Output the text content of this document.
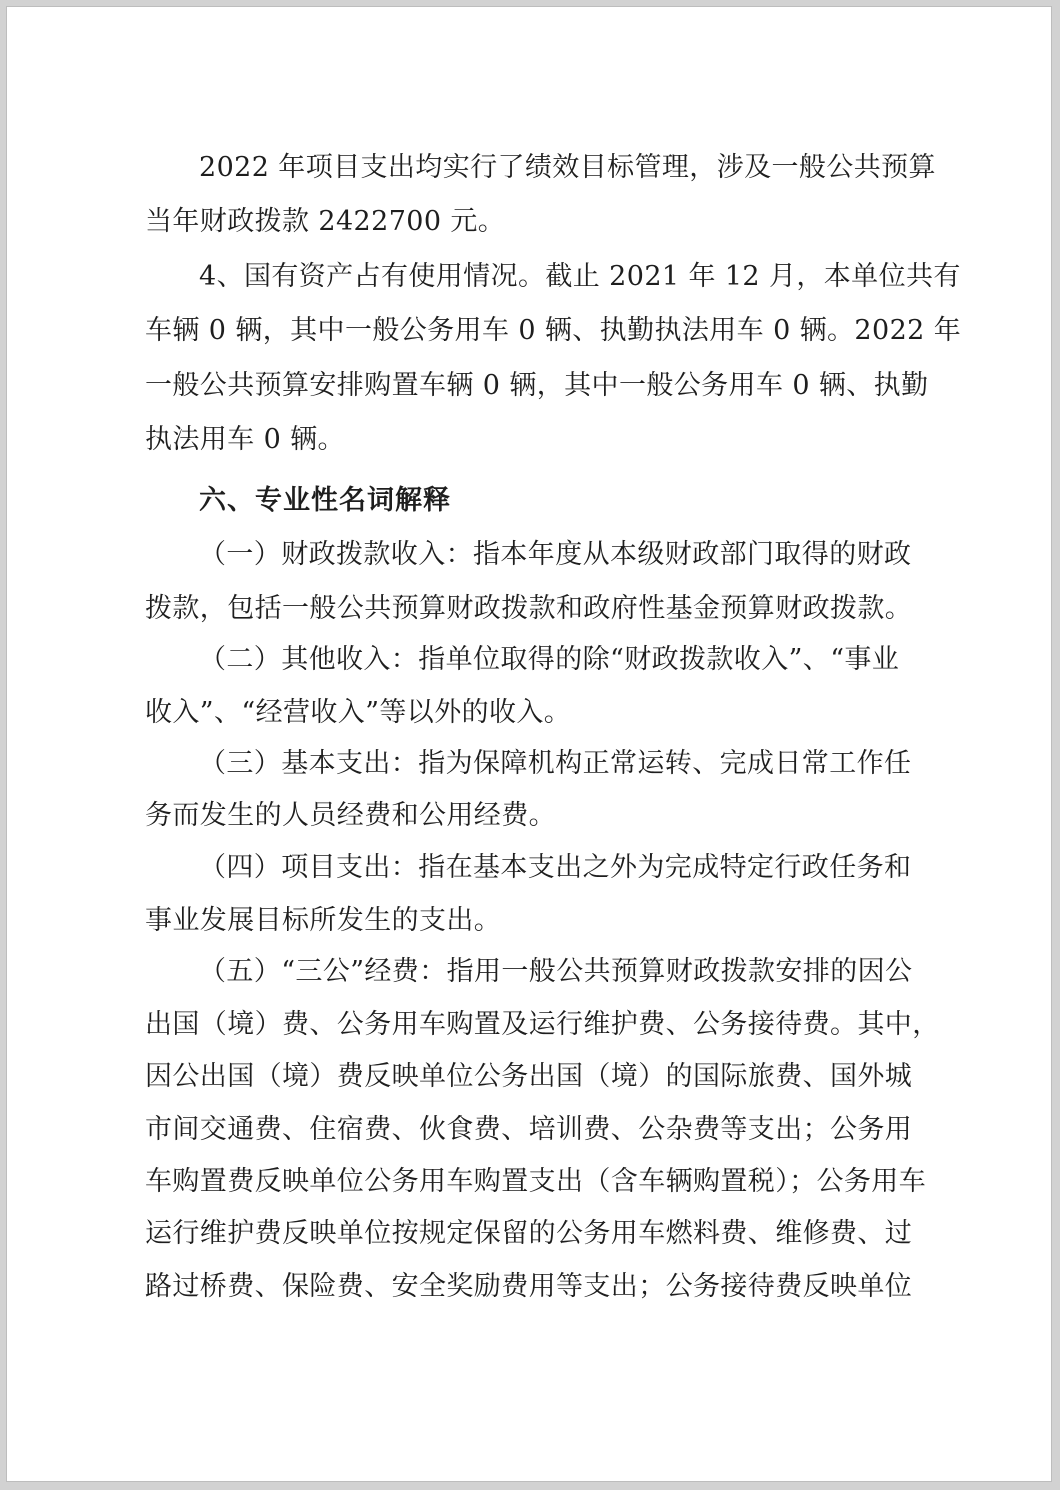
2022 年项目支出均实行了绩效目标管理，涉及一般公共预算
当年财政拨款 2422700 元。
4、国有资产占有使用情况。截止 2021 年 12 月，本单位共有
车辆 0 辆，其中一般公务用车 0 辆、执勤执法用车 0 辆。2022 年
一般公共预算安排购置车辆 0 辆，其中一般公务用车 0 辆、执勤
执法用车 0 辆。
六、专业性名词解释
（一）财政拨款收入：指本年度从本级财政部门取得的财政
拨款，包括一般公共预算财政拨款和政府性基金预算财政拨款。
（二）其他收入：指单位取得的除“财政拨款收入”、“事业
收入”、“经营收入”等以外的收入。
（三）基本支出：指为保障机构正常运转、完成日常工作任
务而发生的人员经费和公用经费。
（四）项目支出：指在基本支出之外为完成特定行政任务和
事业发展目标所发生的支出。
（五）“三公”经费：指用一般公共预算财政拨款安排的因公
出国（境）费、公务用车购置及运行维护费、公务接待费。其中，
因公出国（境）费反映单位公务出国（境）的国际旅费、国外城
市间交通费、住宿费、伙食费、培训费、公杂费等支出；公务用
车购置费反映单位公务用车购置支出（含车辆购置税）；公务用车
运行维护费反映单位按规定保留的公务用车燃料费、维修费、过
路过桥费、保险费、安全奖励费用等支出；公务接待费反映单位
